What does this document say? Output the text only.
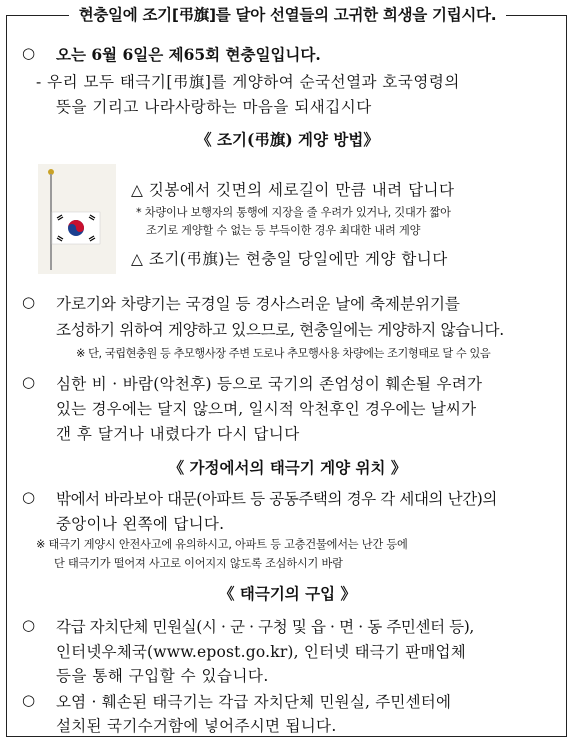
현충일에 조기[弔旗]를 달아 선열들의 고귀한 희생을 기립시다.
○ 오는 6월 6일은 제65회 현충일입니다.
- 우리 모두 태극기[弔旗]를 게양하여 순국선열과 호국영령의
뜻을 기리고 나라사랑하는 마음을 되새깁시다
《 조기(弔旗) 게양 방법》
△ 깃봉에서 깃면의 세로길이 만큼 내려 답니다
* 차량이나 보행자의 통행에 지장을 줄 우려가 있거나, 깃대가 짧아
조기로 게양할 수 없는 등 부득이한 경우 최대한 내려 게양
△ 조기(弔旗)는 현충일 당일에만 게양 합니다
○ 가로기와 차량기는 국경일 등 경사스러운 날에 축제분위기를
조성하기 위하여 게양하고 있으므로, 현충일에는 게양하지 않습니다.
※ 단, 국립현충원 등 추모행사장 주변 도로나 추모행사용 차량에는 조기형태로 달 수 있음
○ 심한 비 · 바람(악천후) 등으로 국기의 존엄성이 훼손될 우려가
있는 경우에는 달지 않으며, 일시적 악천후인 경우에는 날씨가
갠 후 달거나 내렸다가 다시 답니다
《 가정에서의 태극기 게양 위치 》
○ 밖에서 바라보아 대문(아파트 등 공동주택의 경우 각 세대의 난간)의
중앙이나 왼쪽에 답니다.
※ 태극기 게양시 안전사고에 유의하시고, 아파트 등 고층건물에서는 난간 등에
단 태극기가 떨어져 사고로 이어지지 않도록 조심하시기 바람
《 태극기의 구입 》
○ 각급 자치단체 민원실(시 · 군 · 구청 및 읍 · 면 · 동 주민센터 등),
인터넷우체국(www.epost.go.kr), 인터넷 태극기 판매업체
등을 통해 구입할 수 있습니다.
○ 오염 · 훼손된 태극기는 각급 자치단체 민원실, 주민센터에
설치된 국기수거함에 넣어주시면 됩니다.
